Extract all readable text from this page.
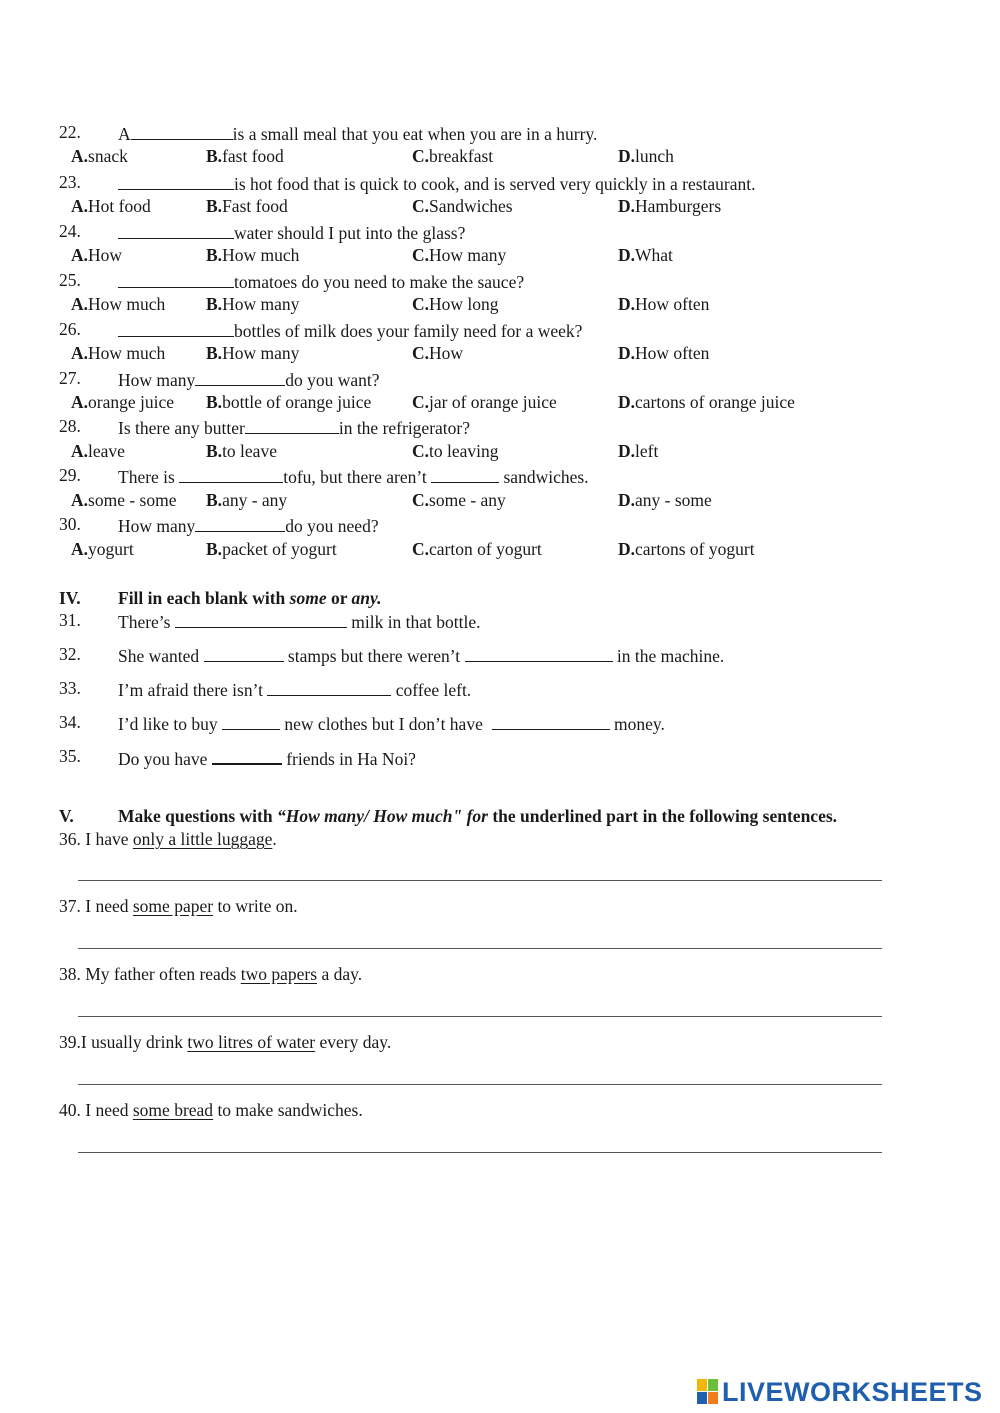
22. A	is a small meal that you eat when you are in a hurry.
A.snack	B.fast food	C.breakfast	D.lunch
23.	is hot food that is quick to cook, and is served very quickly in a restaurant.
A.Hot food	B.Fast food	C.Sandwiches	D.Hamburgers
24.	water should I put into the glass?
A.How	B.How much	C.How many	D.What
25.	tomatoes do you need to make the sauce?
A.How much B.How many	C.How long	D.How often
26.	bottles of milk does your family need for a week?
A.How much B.How many	C.How	D.How often
27. How many	do you want?
A.orange juice B.bottle of orange juice C.jar of orange juice	D.cartons of orange juice
28. Is there any butter	in the refrigerator?
A.leave	B.to leave	C.to leaving	D.left
29. There is	tofu, but there aren’t	sandwiches.
A.some - some B.any - any	C.some - any	D.any - some
30. How many	do you need?
A.yogurt	B.packet of yogurt	C.carton of yogurt	D.cartons of yogurt
IV. Fill in each blank with some or any.
31. There’s	milk in that bottle.
32. She wanted	stamps but there weren’t	in the machine.
33. I’m afraid there isn’t	coffee left.
34. I’d like to buy	new clothes but I don’t have	money.
35. Do you have	friends in Ha Noi?
V.	Make questions with “How many/ How much" for the underlined part in the following sentences.
36. I have only a little luggage.
37. I need some paper to write on.
38. My father often reads two papers a day.
39.I usually drink two litres of water every day.
40. I need some bread to make sandwiches.
LIVEWORKSHEETS
